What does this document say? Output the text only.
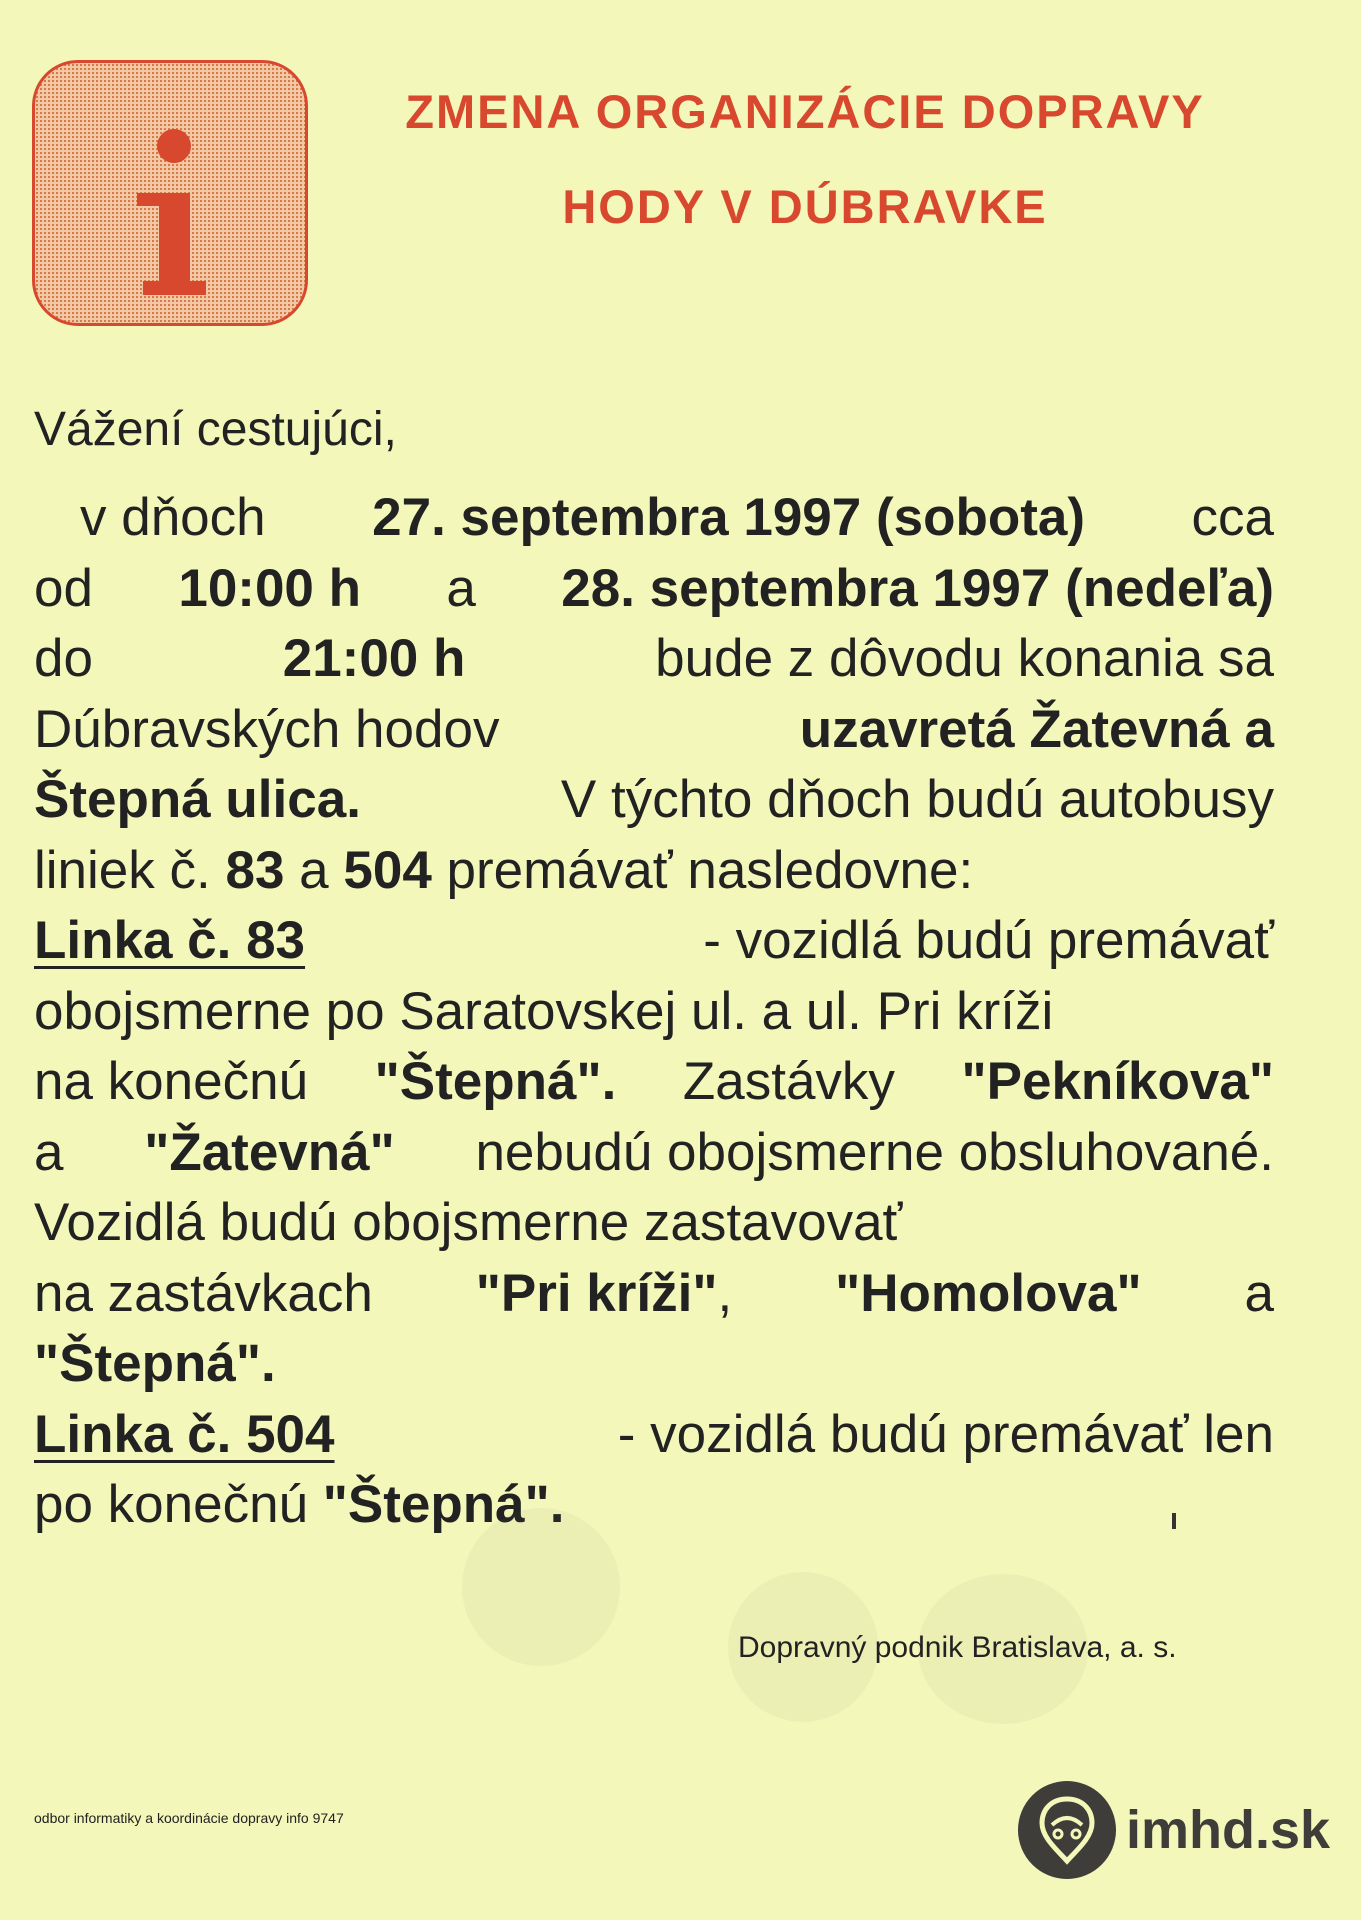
ZMENA ORGANIZÁCIE DOPRAVY
HODY V DÚBRAVKE

Vážení cestujúci,

v dňoch 27. septembra 1997 (sobota) cca
od 10:00 h a 28. septembra 1997 (nedeľa)
do	21:00 h	bude z dôvodu konania sa
Dúbravských hodov	uzavretá Žatevná a
Štepná ulica.	V týchto dňoch budú autobusy
liniek č.
83
a
504
premávať nasledovne:
Linka č. 83	- vozidlá budú premávať
obojsmerne po Saratovskej ul. a ul. Pri kríži
na konečnú "Štepná". Zastávky "Pekníkova"
a "Žatevná" nebudú obojsmerne obsluhované.
Vozidlá budú obojsmerne zastavovať
na zastávkach "Pri kríži", "Homolova" a
"Štepná".
Linka č. 504	- vozidlá budú premávať len
po konečnú
"Štepná".

Dopravný podnik Bratislava, a. s.

odbor informatiky a koordinácie dopravy info 9747	imhd.sk
